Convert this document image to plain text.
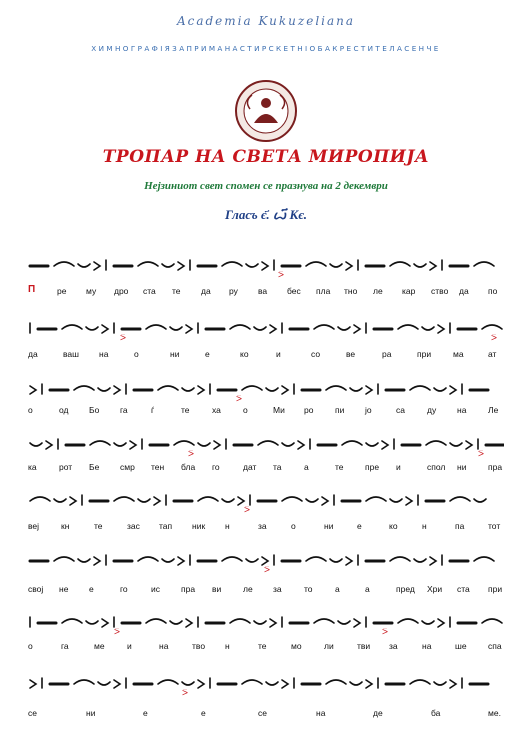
Academia Kukuzeliana
ХИМНОГРАФІЯЗАПРИМАНАСТИРСКЕТНІОБАКРЕСТИТЕЛАСЕНЧЕ
ТРОПАР НА СВЕТА МИРОПИЈА
Нејзиниот свет спомен се празнува на 2 декември
Гласъ є҃. ꙍ҃ Кє.
⍩
П	ре му дро ста те да ру ва бес пла тно ле кар ство да по
⍩	⍩
да	ваш на	о	ни	е	ко	и	со	ве	ра	при	ма	ат
⍩
о	од Бо га	ѓ	те	ха	о	Ми ро	пи јо	са	ду на	Ле
⍩	⍩
ка	рот Бе смр тен бла го	дат та	а	те	пре и	спол ни	пра
⍩
веј	кн	те	зас тап ник н	за	о	ни	е	ко	н	па	тот
⍩
свој не е	го	ис пра ви	ле за	то	а	а	пред Хри ста при
⍩	⍩
о	га	ме	и	на	тво н	те	мо	ли	тви за	на	ше	спа
⍩
се	ни	е	е	се	на	де	ба	ме.
